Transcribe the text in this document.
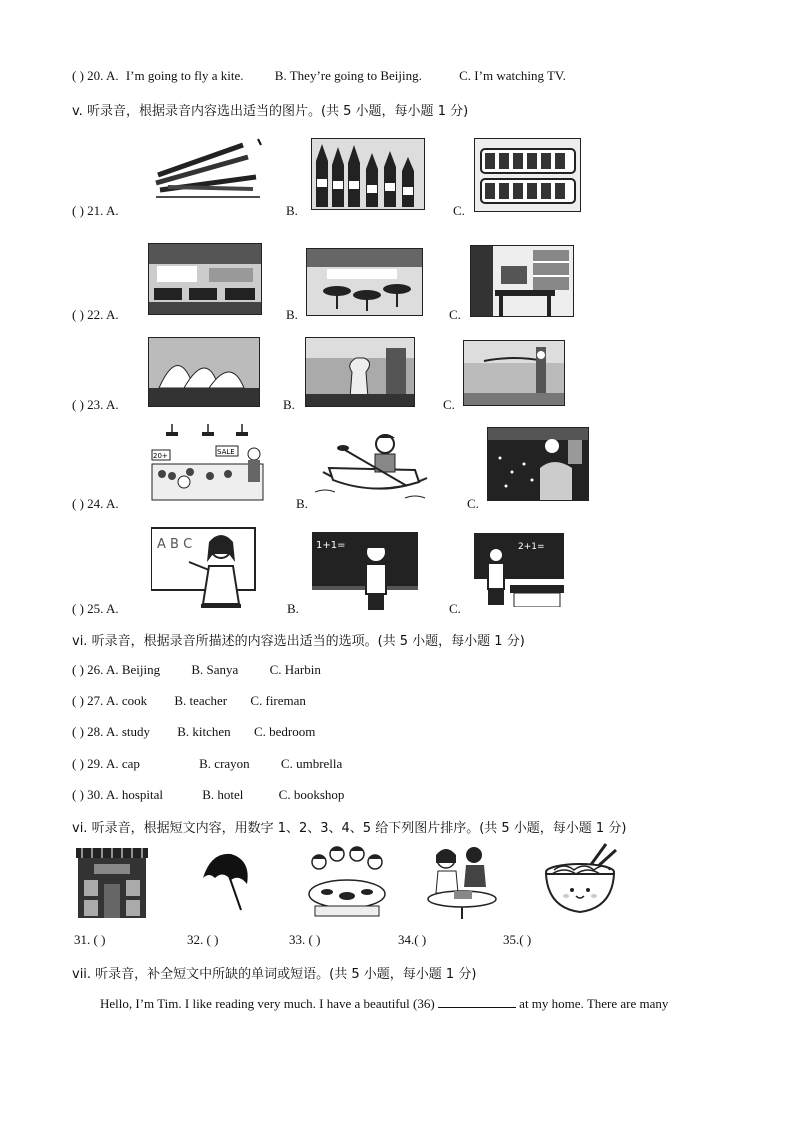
( ) 20. A. I’m going to fly a kite. B. They’re going to Beijing.	C. I’m watching TV.
v. 听录音，根据录音内容选出适当的图片。(共 5 小题，每小题 1 分)
( ) 21. A.	B.	C.
( ) 22. A.	B.	C.
( ) 23. A.	B.	C.
20+	SALE
( ) 24. A.	B.	C.
A B C	1+1=	2+1=
( ) 25. A.	B.	C.
vi. 听录音，根据录音所描述的内容选出适当的选项。(共 5 小题，每小题 1 分)
( ) 26. A. Beijing B. Sanya C. Harbin
( ) 27. A. cook B. teacher C. fireman
( ) 28. A. study B. kitchen C. bedroom
( ) 29. A. cap	B. crayon C. umbrella
( ) 30. A. hospital	B. hotel	C. bookshop
vi. 听录音，根据短文内容，用数字 1、2、3、4、5 给下列图片排序。(共 5 小题，每小题 1 分)
31. ( )	32. ( )	33. ( )	34.( )	35.( )
vii. 听录音，补全短文中所缺的单词或短语。(共 5 小题，每小题 1 分)
Hello, I’m Tim. I like reading very much. I have a beautiful (36)	at my home. There are many
